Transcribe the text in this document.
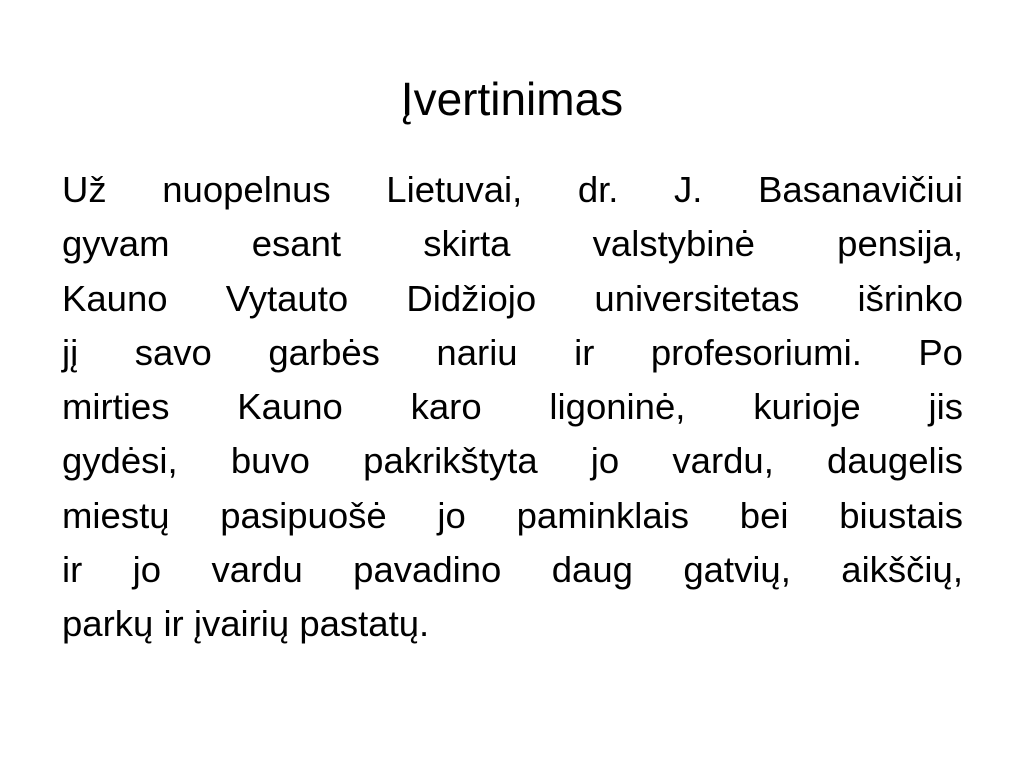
Įvertinimas
Už nuopelnus Lietuvai, dr. J. Basanavičiui
gyvam esant skirta valstybinė pensija,
Kauno Vytauto Didžiojo universitetas išrinko
jį savo garbės nariu ir profesoriumi. Po
mirties Kauno karo ligoninė, kurioje jis
gydėsi, buvo pakrikštyta jo vardu, daugelis
miestų pasipuošė jo paminklais bei biustais
ir jo vardu pavadino daug gatvių, aikščių,
parkų ir įvairių pastatų.
